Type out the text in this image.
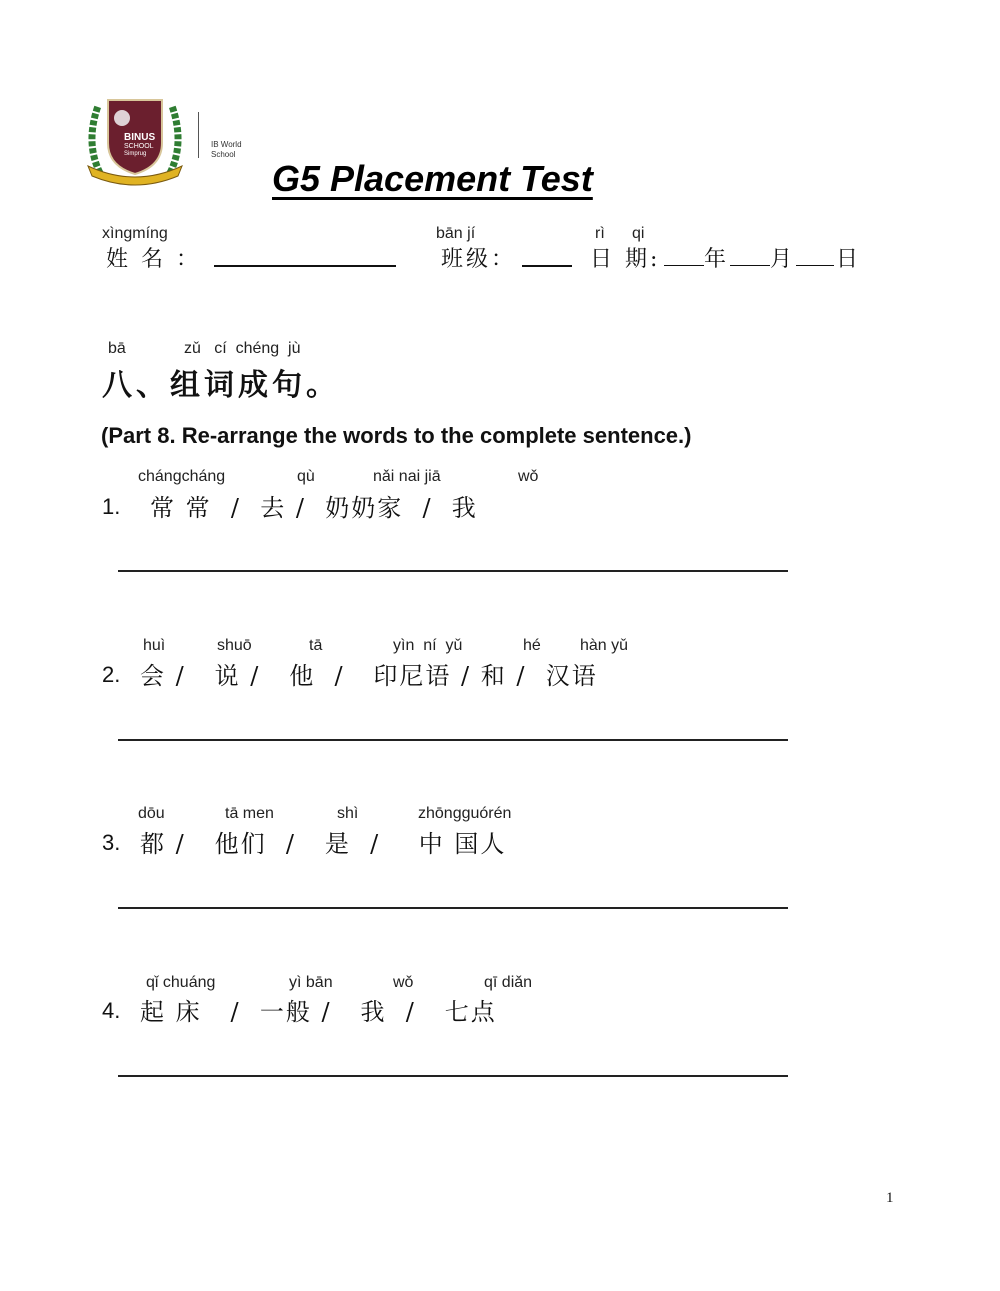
BINUS
SCHOOL
Simprug
IB World
School
G5 Placement Test
xìngmíng
姓 名 ：
bān jí
班级：
rì qi
日 期: 年 月 日
bā	zǔ   cí  chéng  jù
八、组词成句。
(Part 8. Re-arrange the words to the complete sentence.)
chángcháng	qù	nǎi nai jiā	wǒ
1. 常 常  /  去 /  奶奶家  /  我
huì	shuō	tā	yìn  ní  yǔ	hé hàn yǔ
2. 会 /   说 /   他  /   印尼语 / 和 /  汉语
dōu	tā men	shì	zhōngguórén
3. 都 /   他们  /   是  /    中 国人
qǐ chuáng	yì bān	wǒ	qī diǎn
4. 起 床   /  一般 /   我  /   七点
1
